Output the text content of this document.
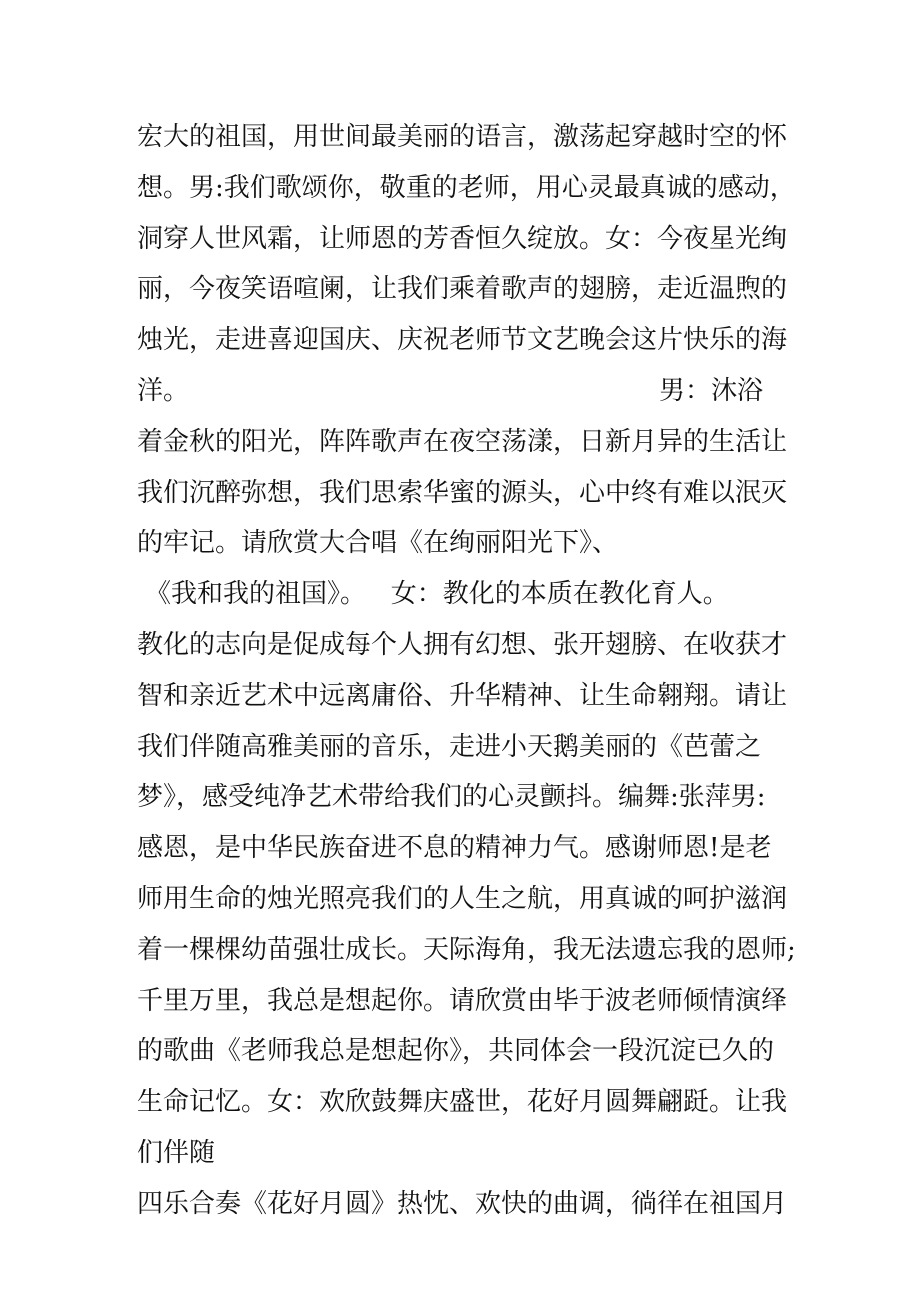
宏大的祖国，用世间最美丽的语言，激荡起穿越时空的怀
想。男:我们歌颂你，敬重的老师，用心灵最真诚的感动，
洞穿人世风霜，让师恩的芳香恒久绽放。女：今夜星光绚
丽，今夜笑语喧阑，让我们乘着歌声的翅膀，走近温煦的
烛光，走进喜迎国庆、庆祝老师节文艺晚会这片快乐的海
洋。	男：沐浴
着金秋的阳光，阵阵歌声在夜空荡漾，日新月异的生活让
我们沉醉弥想，我们思索华蜜的源头，心中终有难以泯灭
的牢记。请欣赏大合唱《在绚丽阳光下》、
《我和我的祖国》。   女：教化的本质在教化育人。
教化的志向是促成每个人拥有幻想、张开翅膀、在收获才
智和亲近艺术中远离庸俗、升华精神、让生命翱翔。请让
我们伴随高雅美丽的音乐，走进小天鹅美丽的《芭蕾之
梦》，感受纯净艺术带给我们的心灵颤抖。编舞:张萍男:
感恩，是中华民族奋进不息的精神力气。感谢师恩!是老
师用生命的烛光照亮我们的人生之航，用真诚的呵护滋润
着一棵棵幼苗强壮成长。天际海角，我无法遗忘我的恩师;
千里万里，我总是想起你。请欣赏由毕于波老师倾情演绎
的歌曲《老师我总是想起你》，共同体会一段沉淀已久的
生命记忆。女：欢欣鼓舞庆盛世，花好月圆舞翩跹。让我
们伴随
四乐合奏《花好月圆》热忱、欢快的曲调，徜徉在祖国月
